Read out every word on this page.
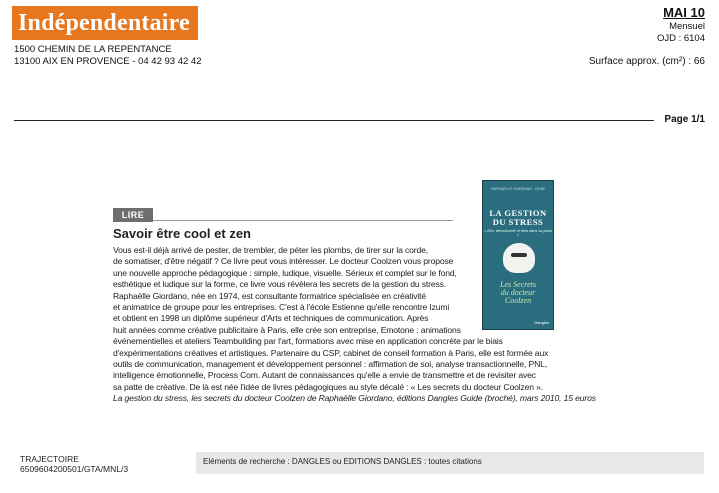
Indépendentaire
1500 CHEMIN DE LA REPENTANCE
13100 AIX EN PROVENCE - 04 42 93 42 42
MAI 10
Mensuel
OJD : 6104
Surface approx. (cm²) : 66
Page 1/1
LIRE
Savoir être cool et zen
Vous est-il déjà arrivé de pester, de trembler, de péter les plombs, de tirer sur la corde,
de somatiser, d'être négatif ? Ce livre peut vous intéresser. Le docteur Coolzen vous propose
une nouvelle approche pédagogique : simple, ludique, visuelle. Sérieux et complet sur le fond,
esthétique et ludique sur la forme, ce livre vous révèlera les secrets de la gestion du stress.
Raphaëlle Giordano, née en 1974, est consultante formatrice spécialisée en créativité
et animatrice de groupe pour les entreprises. C'est à l'école Estienne qu'elle rencontre Izumi
et obtient en 1998 un diplôme supérieur d'Arts et techniques de communication. Après
huit années comme créative publicitaire à Paris, elle crée son entreprise, Emotone : animations
événementielles et ateliers Teambuilding par l'art, formations avec mise en application concrète par le biais
d'expérimentations créatives et artistiques. Partenaire du CSP, cabinet de conseil formation à Paris, elle est formée aux
outils de communication, management et développement personnel : affirmation de soi, analyse transactionnelle, PNL,
intelligence émotionnelle, Process Com. Autant de connaissances qu'elle a envie de transmettre et de revisiter avec
sa patte de créative. De là est née l'idée de livres pédagogiques au style décalé : « Les secrets du docteur Coolzen ».
La gestion du stress, les secrets du docteur Coolzen de Raphaëlle Giordano, éditions Dangles Guide (broché), mars 2010, 15 euros
RAPHAËLLE GIORDANO · IZUMI
LA GESTION
DU STRESS
« Zen, décontracté et bien dans sa peau »
Les Secrets
du docteur
Coolzen
Dangles
TRAJECTOIRE
6509604200501/GTA/MNL/3
Eléments de recherche : DANGLES ou EDITIONS DANGLES : toutes citations
